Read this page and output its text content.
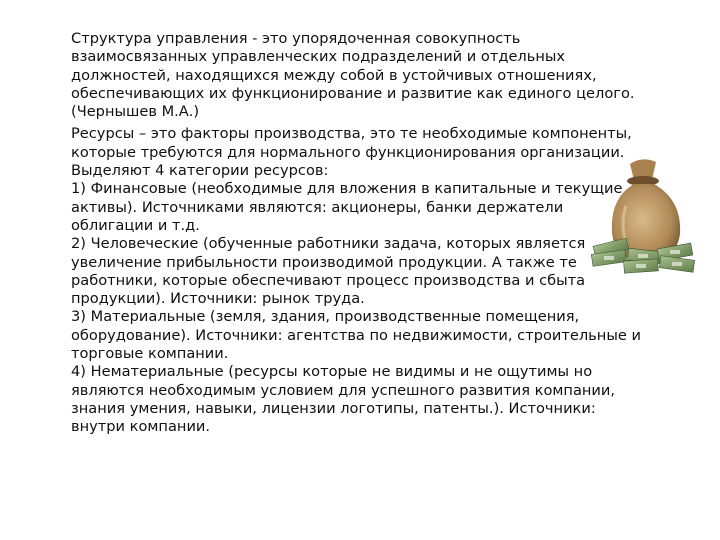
Структура управления - это упорядоченная совокупность взаимосвязанных управленческих подразделений и отдельных должностей, находящихся между собой в устойчивых отношениях, обеспечивающих их функционирование и развитие как единого целого. (Чернышев М.А.)

Ресурсы – это факторы производства, это те необходимые компоненты, которые требуются для нормального функционирования организации.

Выделяют 4 категории ресурсов:

1) Финансовые (необходимые для вложения в капитальные и текущие активы). Источниками являются: акционеры, банки держатели облигации и т.д.
2) Человеческие (обученные работники задача, которых является увеличение прибыльности производимой продукции. А также те работники, которые обеспечивают процесс производства и сбыта продукции). Источники: рынок труда.
3) Материальные (земля, здания, производственные помещения, оборудование). Источники: агентства по недвижимости, строительные и торговые компании.
4) Нематериальные (ресурсы которые не видимы и не ощутимы но являются необходимым условием для успешного развития компании, знания умения, навыки, лицензии логотипы, патенты.). Источники: внутри компании.
